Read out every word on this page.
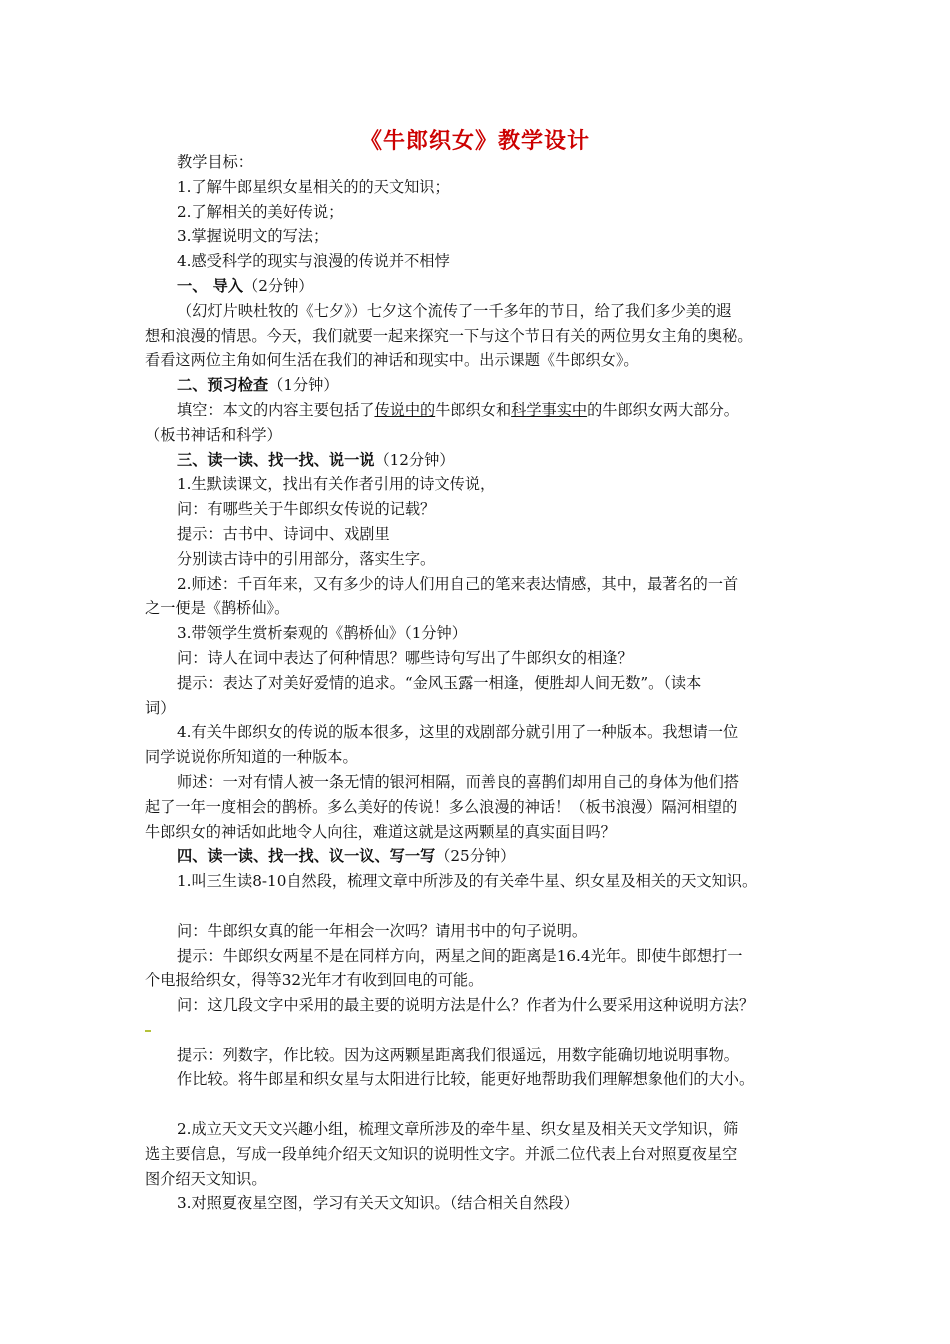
《牛郎织女》教学设计

教学目标：

1.了解牛郎星织女星相关的的天文知识；

2.了解相关的美好传说；

3.掌握说明文的写法；

4.感受科学的现实与浪漫的传说并不相悖

一、 导入（2分钟）

（幻灯片映杜牧的《七夕》）七夕这个流传了一千多年的节日，给了我们多少美的遐

想和浪漫的情思。今天，我们就要一起来探究一下与这个节日有关的两位男女主角的奥秘。

看看这两位主角如何生活在我们的神话和现实中。出示课题《牛郎织女》。

二、预习检查（1分钟）

填空：本文的内容主要包括了传说中的牛郎织女和科学事实中的牛郎织女两大部分。

（板书神话和科学）

三、读一读、找一找、说一说（12分钟）

1.生默读课文，找出有关作者引用的诗文传说，

问：有哪些关于牛郎织女传说的记载？

提示：古书中、诗词中、戏剧里

分别读古诗中的引用部分，落实生字。

2.师述：千百年来，又有多少的诗人们用自己的笔来表达情感，其中，最著名的一首

之一便是《鹊桥仙》。

3.带领学生赏析秦观的《鹊桥仙》（1分钟）

问：诗人在词中表达了何种情思？哪些诗句写出了牛郎织女的相逢？

提示：表达了对美好爱情的追求。“金风玉露一相逢，便胜却人间无数”。（读本

词）

4.有关牛郎织女的传说的版本很多，这里的戏剧部分就引用了一种版本。我想请一位

同学说说你所知道的一种版本。

师述：一对有情人被一条无情的银河相隔，而善良的喜鹊们却用自己的身体为他们搭

起了一年一度相会的鹊桥。多么美好的传说！多么浪漫的神话！（板书浪漫）隔河相望的

牛郎织女的神话如此地令人向往，难道这就是这两颗星的真实面目吗？

四、读一读、找一找、议一议、写一写（25分钟）

1.叫三生读8-10自然段，梳理文章中所涉及的有关牵牛星、织女星及相关的天文知识。

问：牛郎织女真的能一年相会一次吗？请用书中的句子说明。

提示：牛郎织女两星不是在同样方向，两星之间的距离是16.4光年。即使牛郎想打一

个电报给织女，得等32光年才有收到回电的可能。

问：这几段文字中采用的最主要的说明方法是什么？作者为什么要采用这种说明方法？

提示：列数字，作比较。因为这两颗星距离我们很遥远，用数字能确切地说明事物。

作比较。将牛郎星和织女星与太阳进行比较，能更好地帮助我们理解想象他们的大小。

2.成立天文天文兴趣小组，梳理文章所涉及的牵牛星、织女星及相关天文学知识，筛

选主要信息，写成一段单纯介绍天文知识的说明性文字。并派二位代表上台对照夏夜星空

图介绍天文知识。

3.对照夏夜星空图，学习有关天文知识。（结合相关自然段）
